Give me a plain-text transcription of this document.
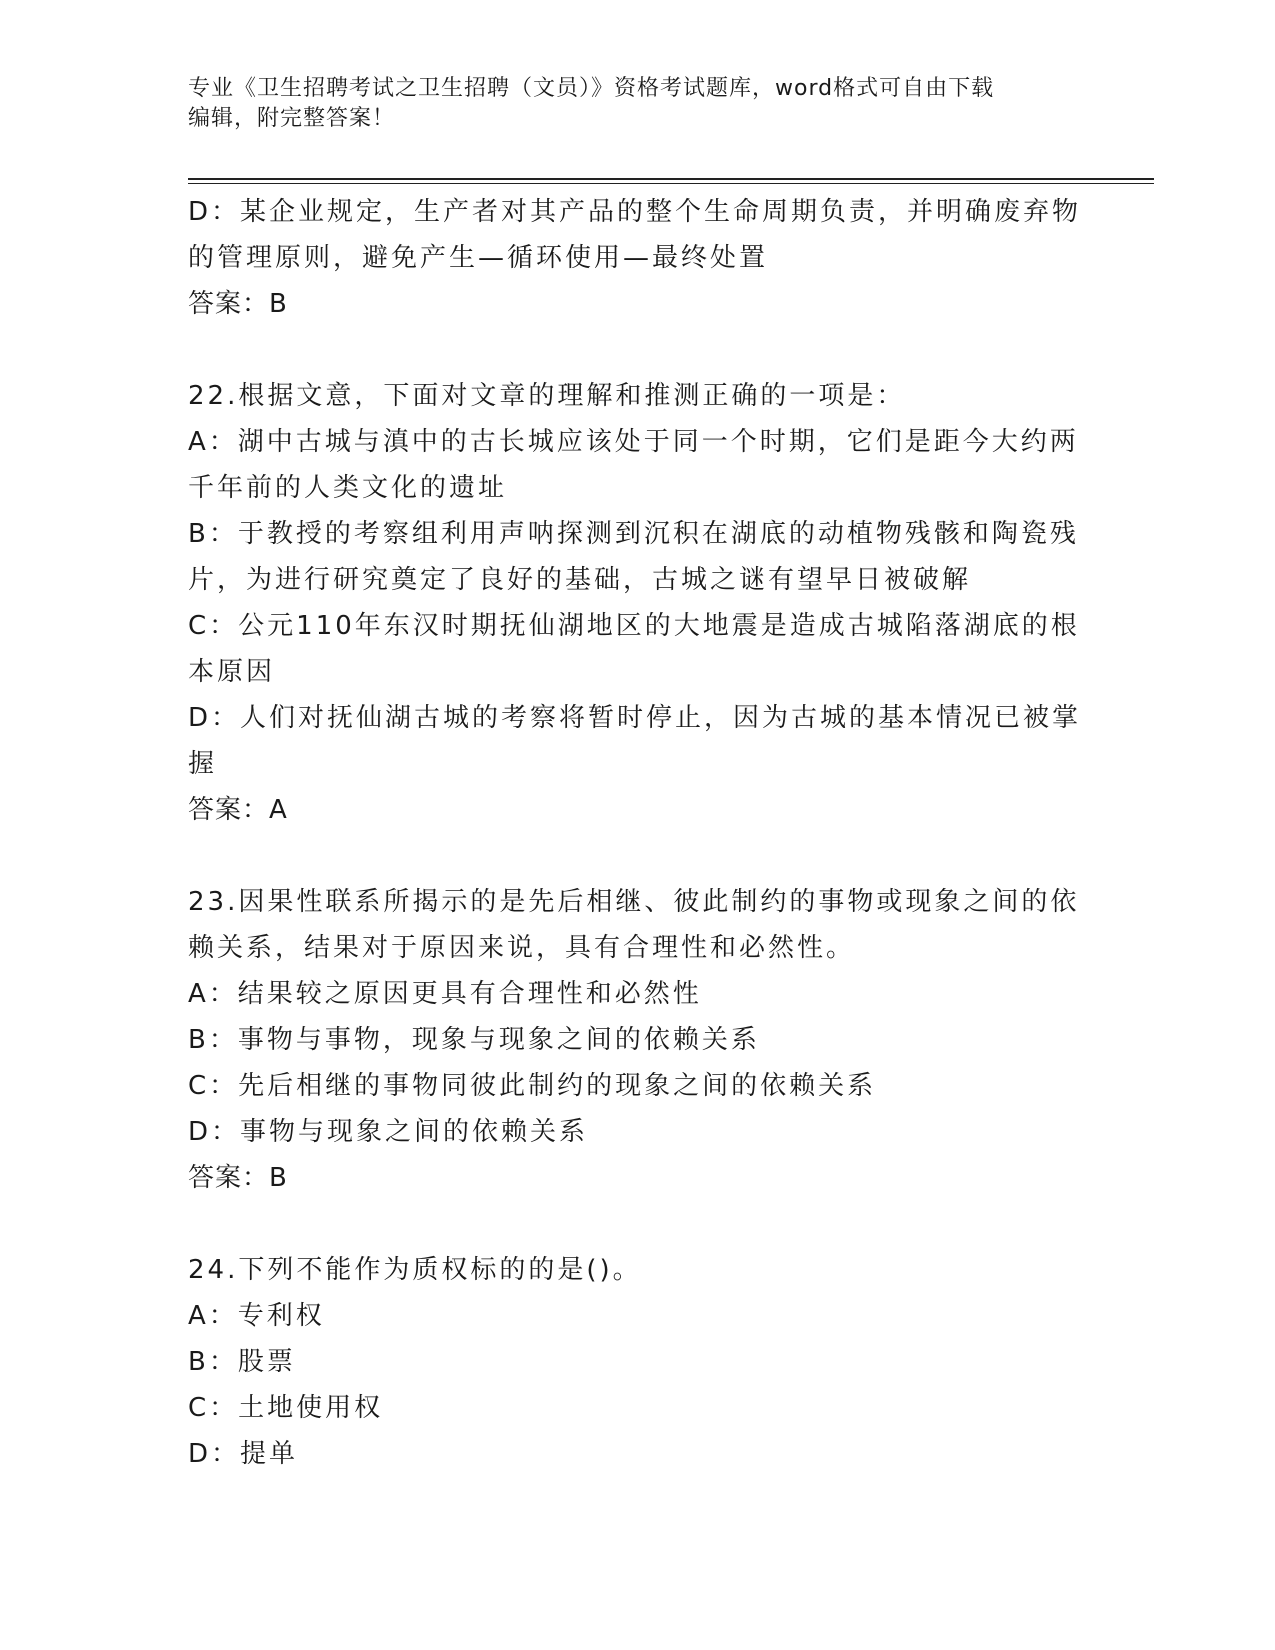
专业《卫生招聘考试之卫生招聘（文员）》资格考试题库，word格式可自由下载
编辑，附完整答案！
D：某企业规定，生产者对其产品的整个生命周期负责，并明确废弃物
的管理原则，避免产生—循环使用—最终处置
答案：B
22.根据文意，下面对文章的理解和推测正确的一项是：
A：湖中古城与滇中的古长城应该处于同一个时期，它们是距今大约两
千年前的人类文化的遗址
B：于教授的考察组利用声呐探测到沉积在湖底的动植物残骸和陶瓷残
片，为进行研究奠定了良好的基础，古城之谜有望早日被破解
C：公元110年东汉时期抚仙湖地区的大地震是造成古城陷落湖底的根
本原因
D：人们对抚仙湖古城的考察将暂时停止，因为古城的基本情况已被掌
握
答案：A
23.因果性联系所揭示的是先后相继、彼此制约的事物或现象之间的依
赖关系，结果对于原因来说，具有合理性和必然性。
A：结果较之原因更具有合理性和必然性
B：事物与事物，现象与现象之间的依赖关系
C：先后相继的事物同彼此制约的现象之间的依赖关系
D：事物与现象之间的依赖关系
答案：B
24.下列不能作为质权标的的是()。
A：专利权
B：股票
C：土地使用权
D：提单
